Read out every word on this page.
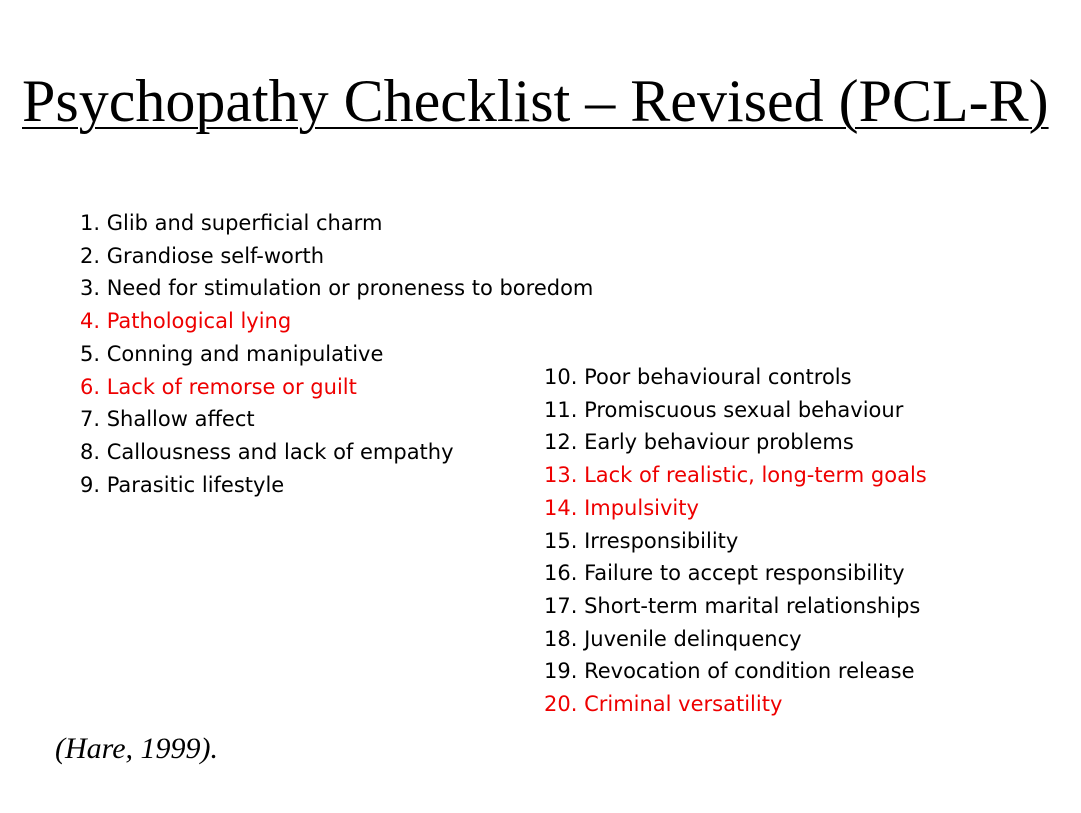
Psychopathy Checklist – Revised (PCL-R)
1. Glib and superficial charm
2. Grandiose self-worth
3. Need for stimulation or proneness to boredom
4. Pathological lying
5. Conning and manipulative
6. Lack of remorse or guilt
7. Shallow affect
8. Callousness and lack of empathy
9. Parasitic lifestyle
10. Poor behavioural controls
11. Promiscuous sexual behaviour
12. Early behaviour problems
13. Lack of realistic, long-term goals
14. Impulsivity
15. Irresponsibility
16. Failure to accept responsibility
17. Short-term marital relationships
18. Juvenile delinquency
19. Revocation of condition release
20. Criminal versatility
(Hare, 1999).
